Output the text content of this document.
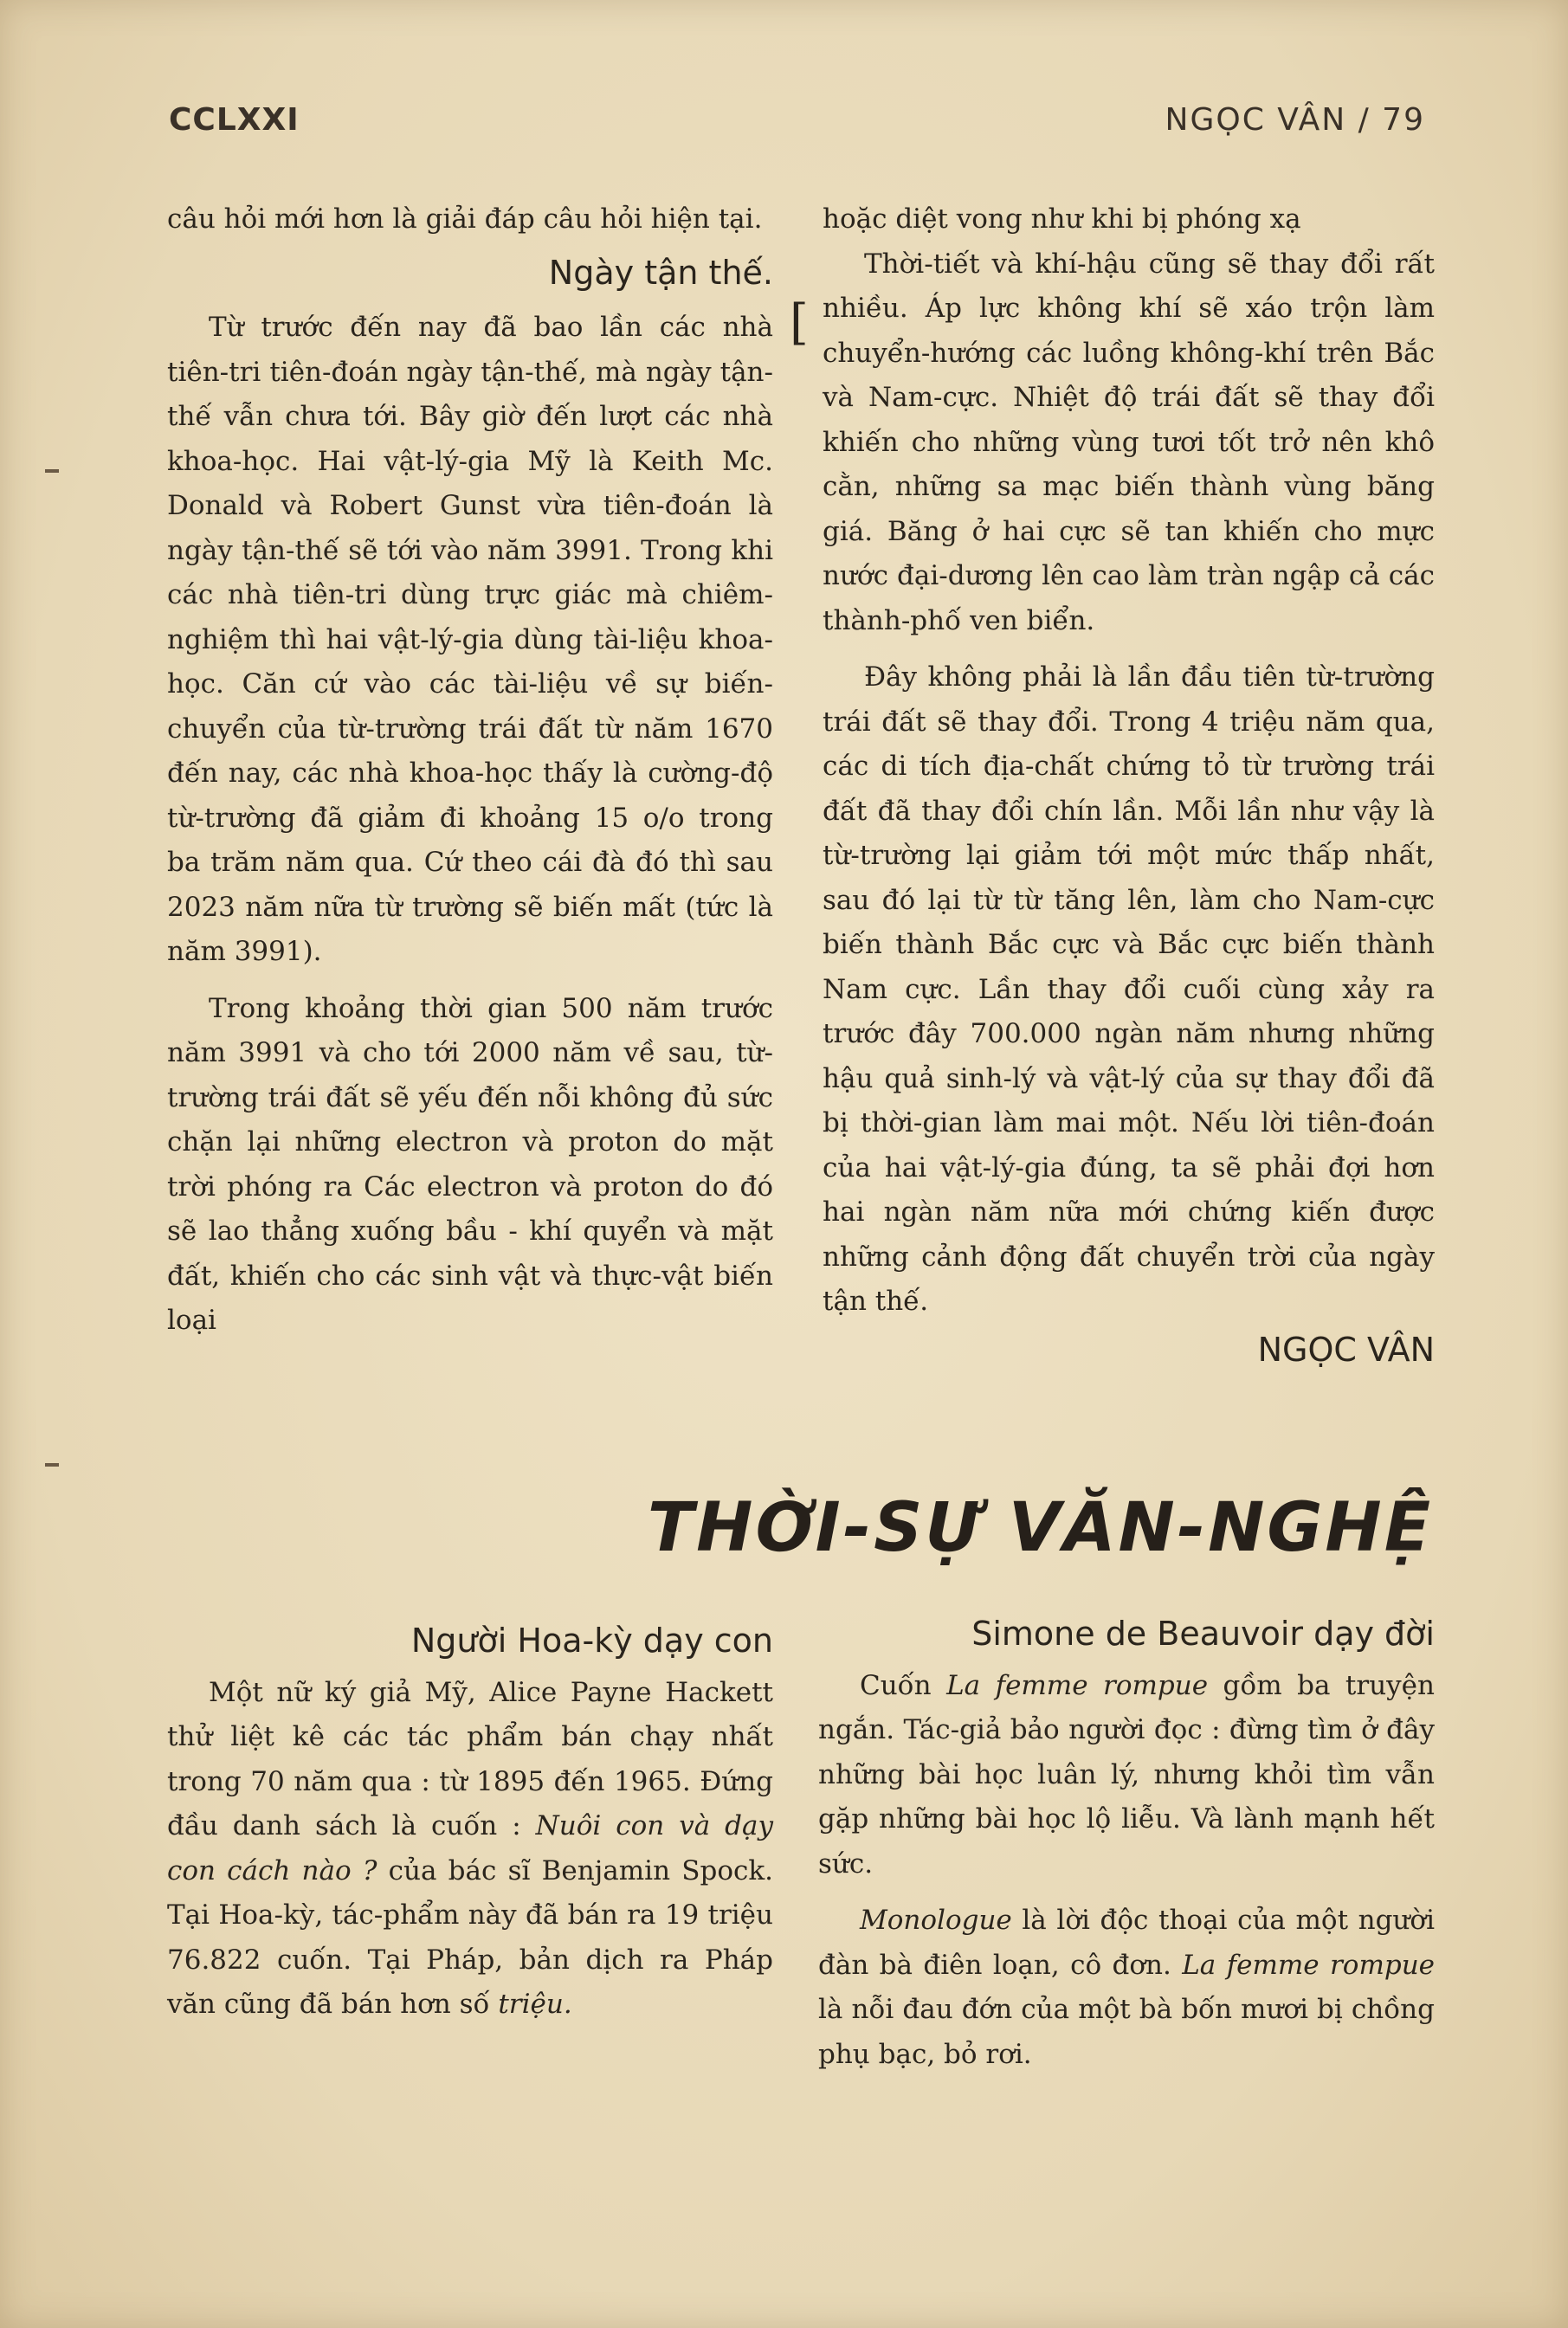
CCLXXI	NGỌC VÂN / 79

câu hỏi mới hơn là giải đáp câu hỏi hiện tại.

Ngày tận thế.

Từ trước đến nay đã bao lần các nhà tiên-tri tiên-đoán ngày tận-thế, mà ngày tận-thế vẫn chưa tới. Bây giờ đến lượt các nhà khoa-học. Hai vật-lý-gia Mỹ là Keith Mc. Donald và Robert Gunst vừa tiên-đoán là ngày tận-thế sẽ tới vào năm 3991. Trong khi các nhà tiên-tri dùng trực giác mà chiêm-nghiệm thì hai vật-lý-gia dùng tài-liệu khoa-học. Căn cứ vào các tài-liệu về sự biến-chuyển của từ-trường trái đất từ năm 1670 đến nay, các nhà khoa-học thấy là cường-độ từ-trường đã giảm đi khoảng 15 o/o trong ba trăm năm qua. Cứ theo cái đà đó thì sau 2023 năm nữa từ trường sẽ biến mất (tức là năm 3991).

Trong khoảng thời gian 500 năm trước năm 3991 và cho tới 2000 năm về sau, từ-trường trái đất sẽ yếu đến nỗi không đủ sức chặn lại những electron và proton do mặt trời phóng ra Các electron và proton do đó sẽ lao thẳng xuống bầu - khí quyển và mặt đất, khiến cho các sinh vật và thực-vật biến loại

hoặc diệt vong như khi bị phóng xạ

Thời-tiết và khí-hậu cũng sẽ thay đổi rất nhiều. Áp lực không khí sẽ xáo trộn làm chuyển-hướng các luồng không-khí trên Bắc và Nam-cực. Nhiệt độ trái đất sẽ thay đổi khiến cho những vùng tươi tốt trở nên khô cằn, những sa mạc biến thành vùng băng giá. Băng ở hai cực sẽ tan khiến cho mực nước đại-dương lên cao làm tràn ngập cả các thành-phố ven biển.

Đây không phải là lần đầu tiên từ-trường trái đất sẽ thay đổi. Trong 4 triệu năm qua, các di tích địa-chất chứng tỏ từ trường trái đất đã thay đổi chín lần. Mỗi lần như vậy là từ-trường lại giảm tới một mức thấp nhất, sau đó lại từ từ tăng lên, làm cho Nam-cực biến thành Bắc cực và Bắc cực biến thành Nam cực. Lần thay đổi cuối cùng xảy ra trước đây 700.000 ngàn năm nhưng những hậu quả sinh-lý và vật-lý của sự thay đổi đã bị thời-gian làm mai một. Nếu lời tiên-đoán của hai vật-lý-gia đúng, ta sẽ phải đợi hơn hai ngàn năm nữa mới chứng kiến được những cảnh động đất chuyển trời của ngày tận thế.

NGỌC VÂN
[
THỜI-SỰ VĂN-NGHỆ
Người Hoa-kỳ dạy con

Một nữ ký giả Mỹ, Alice Payne Hackett thử liệt kê các tác phẩm bán chạy nhất trong 70 năm qua : từ 1895 đến 1965. Đứng đầu danh sách là cuốn : Nuôi con và dạy con cách nào ? của bác sĩ Benjamin Spock. Tại Hoa-kỳ, tác-phẩm này đã bán ra 19 triệu 76.822 cuốn. Tại Pháp, bản dịch ra Pháp văn cũng đã bán hơn số triệu.

Simone de Beauvoir dạy đời

Cuốn La femme rompue gồm ba truyện ngắn. Tác-giả bảo người đọc : đừng tìm ở đây những bài học luân lý, nhưng khỏi tìm vẫn gặp những bài học lộ liễu. Và lành mạnh hết sức.

Monologue là lời độc thoại của một người đàn bà điên loạn, cô đơn. La femme rompue là nỗi đau đớn của một bà bốn mươi bị chồng phụ bạc, bỏ rơi.
